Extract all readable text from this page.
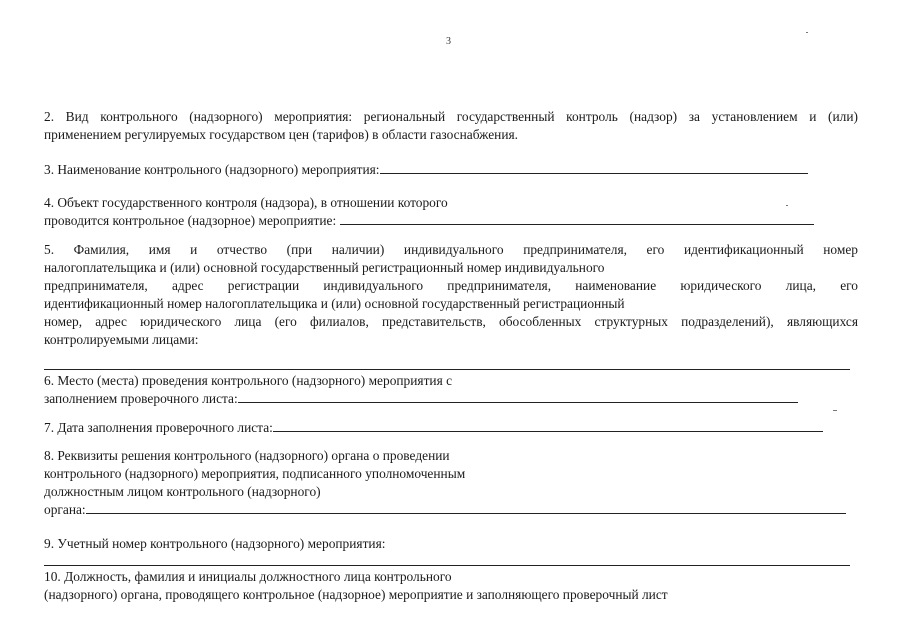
3
2. Вид контрольного (надзорного) мероприятия: региональный государственный контроль (надзор) за установлением и (или)
применением регулируемых государством цен (тарифов) в области газоснабжения.
3. Наименование контрольного (надзорного) мероприятия:
4. Объект государственного контроля (надзора), в отношении которого
проводится контрольное (надзорное) мероприятие:
5. Фамилия, имя и отчество (при наличии) индивидуального предпринимателя, его идентификационный номер
налогоплательщика и (или) основной государственный регистрационный номер индивидуального
предпринимателя, адрес регистрации индивидуального предпринимателя, наименование юридического лица, его
идентификационный номер налогоплательщика и (или) основной государственный регистрационный
номер, адрес юридического лица (его филиалов, представительств, обособленных структурных подразделений), являющихся
контролируемыми лицами:
6. Место (места) проведения контрольного (надзорного) мероприятия с
заполнением проверочного листа:
7. Дата заполнения проверочного листа:
8. Реквизиты решения контрольного (надзорного) органа о проведении
контрольного (надзорного) мероприятия, подписанного уполномоченным
должностным лицом контрольного (надзорного)
органа:
9. Учетный номер контрольного (надзорного) мероприятия:
10. Должность, фамилия и инициалы должностного лица контрольного
(надзорного) органа, проводящего контрольное (надзорное) мероприятие и заполняющего проверочный лист
